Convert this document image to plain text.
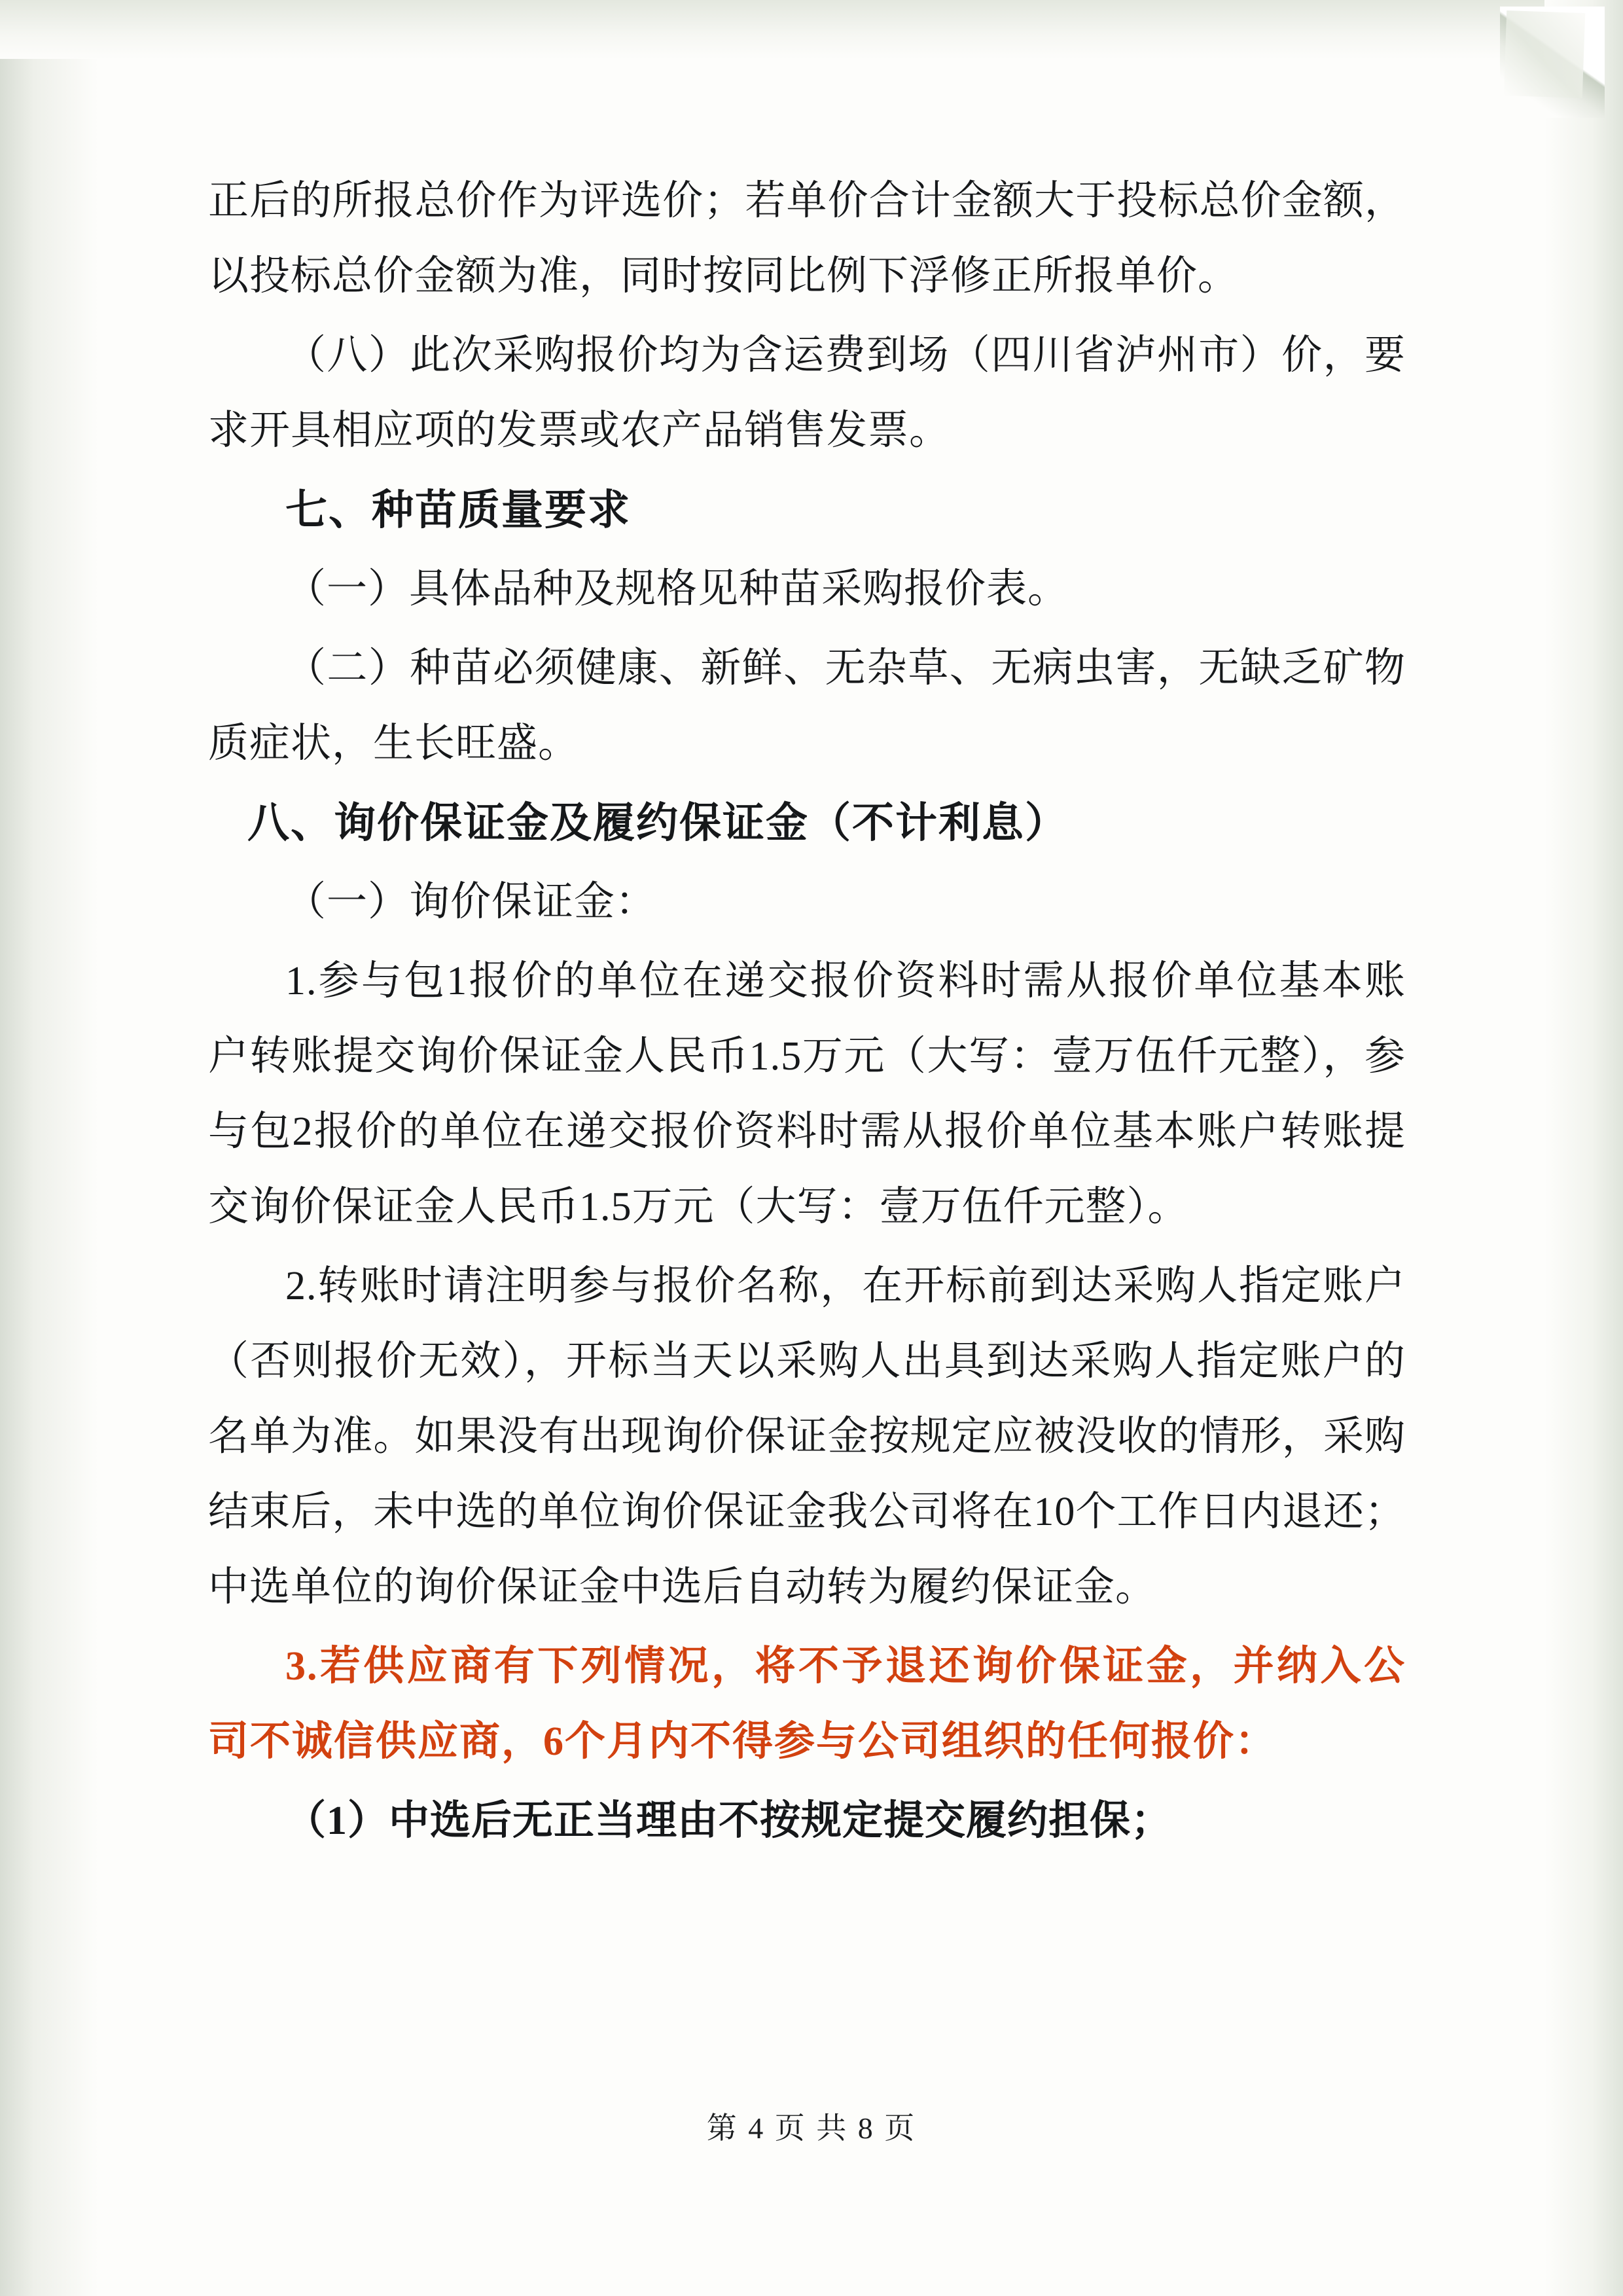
正后的所报总价作为评选价；若单价合计金额大于投标总价金额，以投标总价金额为准，同时按同比例下浮修正所报单价。

（八）此次采购报价均为含运费到场（四川省泸州市）价，要求开具相应项的发票或农产品销售发票。

七、种苗质量要求

（一）具体品种及规格见种苗采购报价表。

（二）种苗必须健康、新鲜、无杂草、无病虫害，无缺乏矿物质症状，生长旺盛。

八、询价保证金及履约保证金（不计利息）

（一）询价保证金：

1.参与包1报价的单位在递交报价资料时需从报价单位基本账户转账提交询价保证金人民币1.5万元（大写：壹万伍仟元整），参与包2报价的单位在递交报价资料时需从报价单位基本账户转账提交询价保证金人民币1.5万元（大写：壹万伍仟元整）。

2.转账时请注明参与报价名称，在开标前到达采购人指定账户（否则报价无效），开标当天以采购人出具到达采购人指定账户的名单为准。如果没有出现询价保证金按规定应被没收的情形，采购结束后，未中选的单位询价保证金我公司将在10个工作日内退还；中选单位的询价保证金中选后自动转为履约保证金。

3.若供应商有下列情况，将不予退还询价保证金，并纳入公司不诚信供应商，6个月内不得参与公司组织的任何报价：

（1）中选后无正当理由不按规定提交履约担保；

第 4 页 共 8 页
